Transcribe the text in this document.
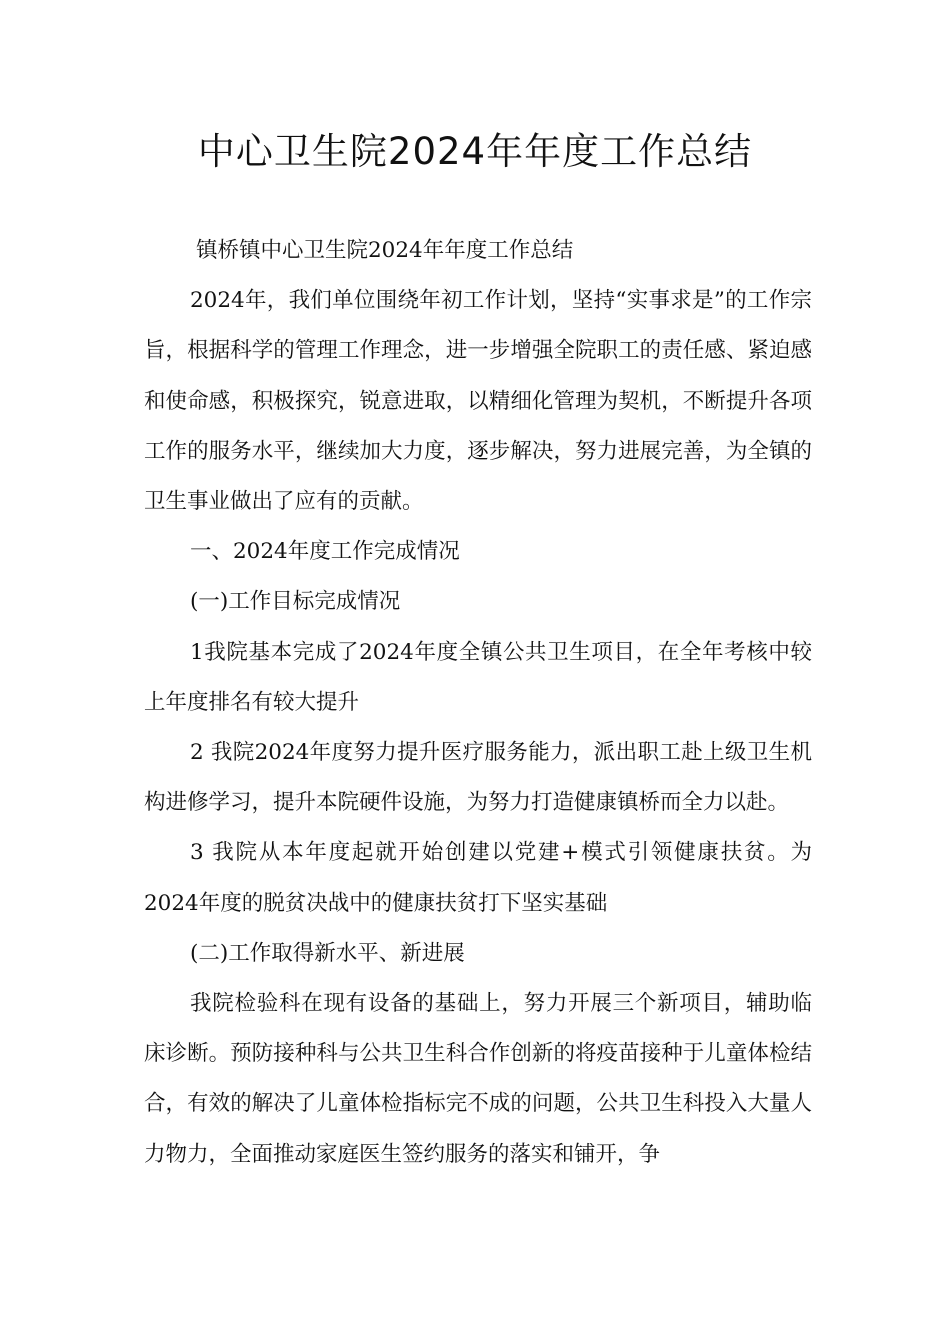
中心卫生院2024年年度工作总结

镇桥镇中心卫生院2024年年度工作总结

2024年，我们单位围绕年初工作计划，坚持“实事求是”的工作宗旨，根据科学的管理工作理念，进一步增强全院职工的责任感、紧迫感和使命感，积极探究，锐意进取，以精细化管理为契机，不断提升各项工作的服务水平，继续加大力度，逐步解决，努力进展完善，为全镇的卫生事业做出了应有的贡献。

一、2024年度工作完成情况

(一)工作目标完成情况

1我院基本完成了2024年度全镇公共卫生项目，在全年考核中较上年度排名有较大提升

2 我院2024年度努力提升医疗服务能力，派出职工赴上级卫生机构进修学习，提升本院硬件设施，为努力打造健康镇桥而全力以赴。

3 我院从本年度起就开始创建以党建+模式引领健康扶贫。为2024年度的脱贫决战中的健康扶贫打下坚实基础

(二)工作取得新水平、新进展

我院检验科在现有设备的基础上，努力开展三个新项目，辅助临床诊断。预防接种科与公共卫生科合作创新的将疫苗接种于儿童体检结合，有效的解决了儿童体检指标完不成的问题，公共卫生科投入大量人力物力，全面推动家庭医生签约服务的落实和铺开，争
